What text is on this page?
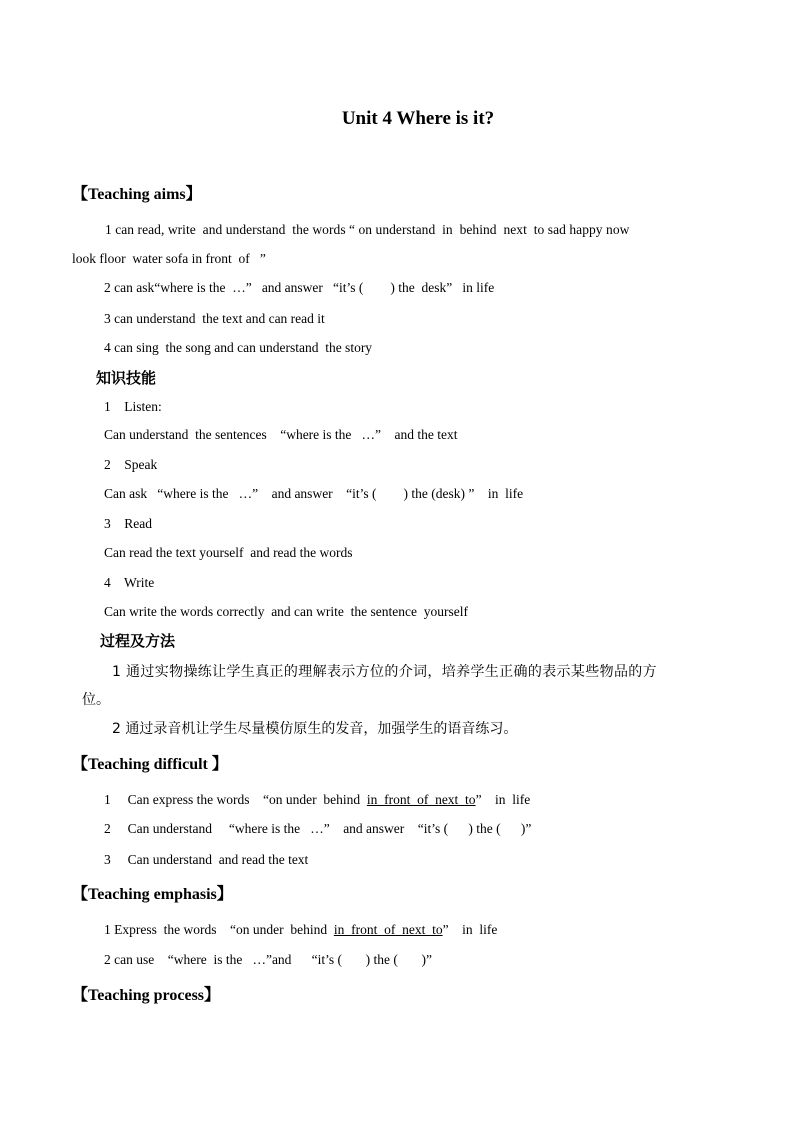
Unit 4 Where is it?
【Teaching aims】
1 can read, write  and understand  the words “ on understand  in  behind  next  to sad happy now
look floor  water sofa in front  of   ”
2 can ask“where is the  …”   and answer   “it’s (        ) the  desk”   in life
3 can understand  the text and can read it
4 can sing  the song and can understand  the story
知识技能
1    Listen:
Can understand  the sentences    “where is the   …”    and the text
2    Speak
Can ask   “where is the   …”    and answer    “it’s (        ) the (desk) ”    in  life
3    Read
Can read the text yourself  and read the words
4    Write
Can write the words correctly  and can write  the sentence  yourself
过程及方法
1 通过实物操练让学生真正的理解表示方位的介词，培养学生正确的表示某些物品的方
位。
2 通过录音机让学生尽量模仿原生的发音，加强学生的语音练习。
【Teaching difficult 】
1     Can express the words    “on under  behind  in  front  of  next  to”    in  life
2     Can understand     “where is the   …”    and answer    “it’s (      ) the (      )”
3     Can understand  and read the text
【Teaching emphasis】
1 Express  the words    “on under  behind  in  front  of  next  to”    in  life
2 can use    “where  is the   …”and      “it’s (       ) the (       )”
【Teaching process】
